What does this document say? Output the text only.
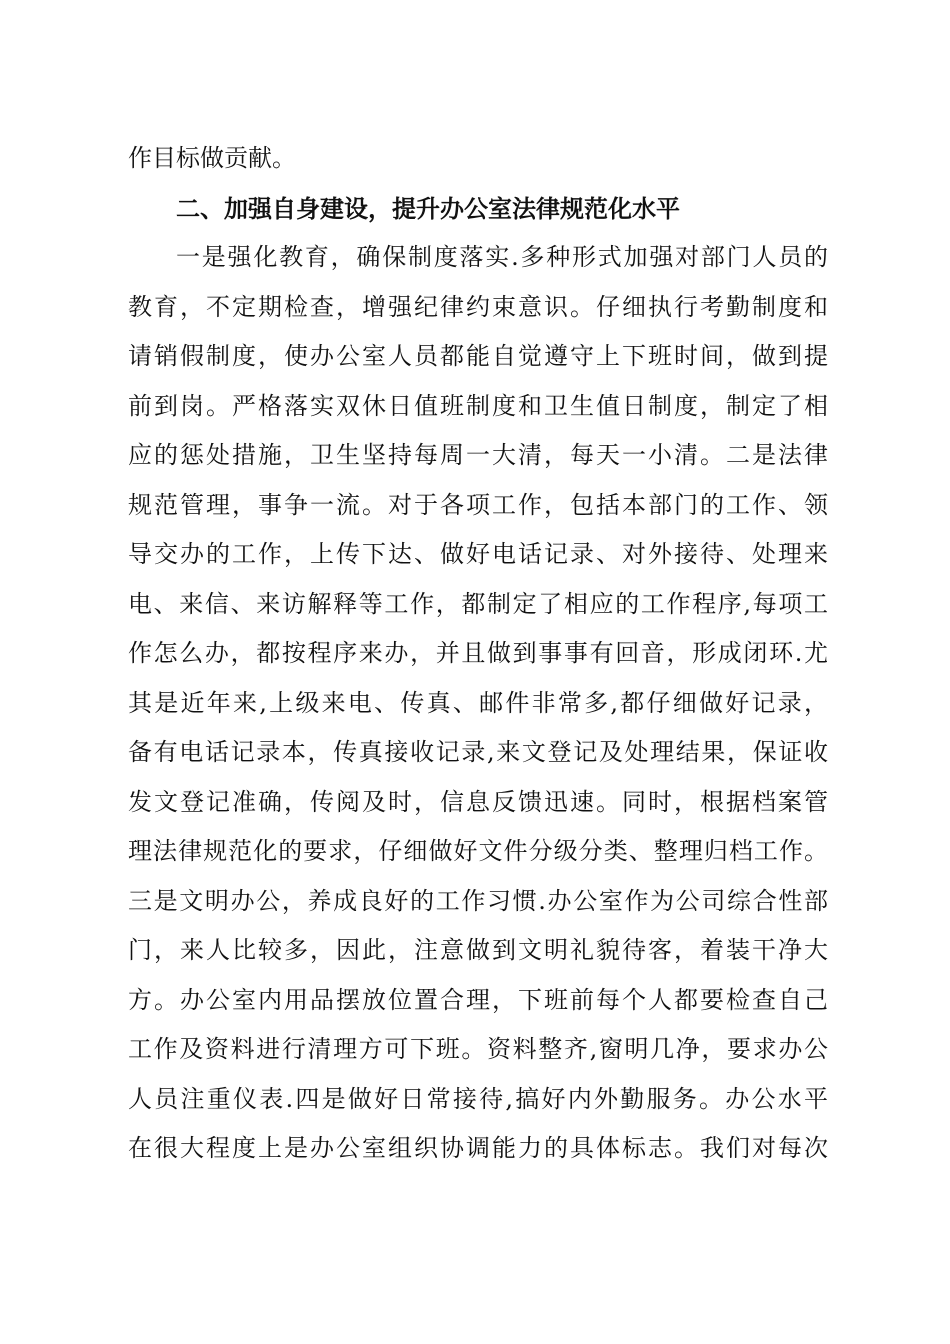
作目标做贡献。
二、加强自身建设，提升办公室法律规范化水平
一是强化教育，确保制度落实.多种形式加强对部门人员的
教育，不定期检查，增强纪律约束意识。仔细执行考勤制度和
请销假制度，使办公室人员都能自觉遵守上下班时间，做到提
前到岗。严格落实双休日值班制度和卫生值日制度，制定了相
应的惩处措施，卫生坚持每周一大清，每天一小清。二是法律
规范管理，事争一流。对于各项工作，包括本部门的工作、领
导交办的工作，上传下达、做好电话记录、对外接待、处理来
电、来信、来访解释等工作，都制定了相应的工作程序,每项工
作怎么办，都按程序来办，并且做到事事有回音，形成闭环.尤
其是近年来,上级来电、传真、邮件非常多,都仔细做好记录，
备有电话记录本，传真接收记录,来文登记及处理结果，保证收
发文登记准确，传阅及时，信息反馈迅速。同时，根据档案管
理法律规范化的要求，仔细做好文件分级分类、整理归档工作。
三是文明办公，养成良好的工作习惯.办公室作为公司综合性部
门，来人比较多，因此，注意做到文明礼貌待客，着装干净大
方。办公室内用品摆放位置合理，下班前每个人都要检查自己
工作及资料进行清理方可下班。资料整齐,窗明几净，要求办公
人员注重仪表.四是做好日常接待,搞好内外勤服务。办公水平
在很大程度上是办公室组织协调能力的具体标志。我们对每次
